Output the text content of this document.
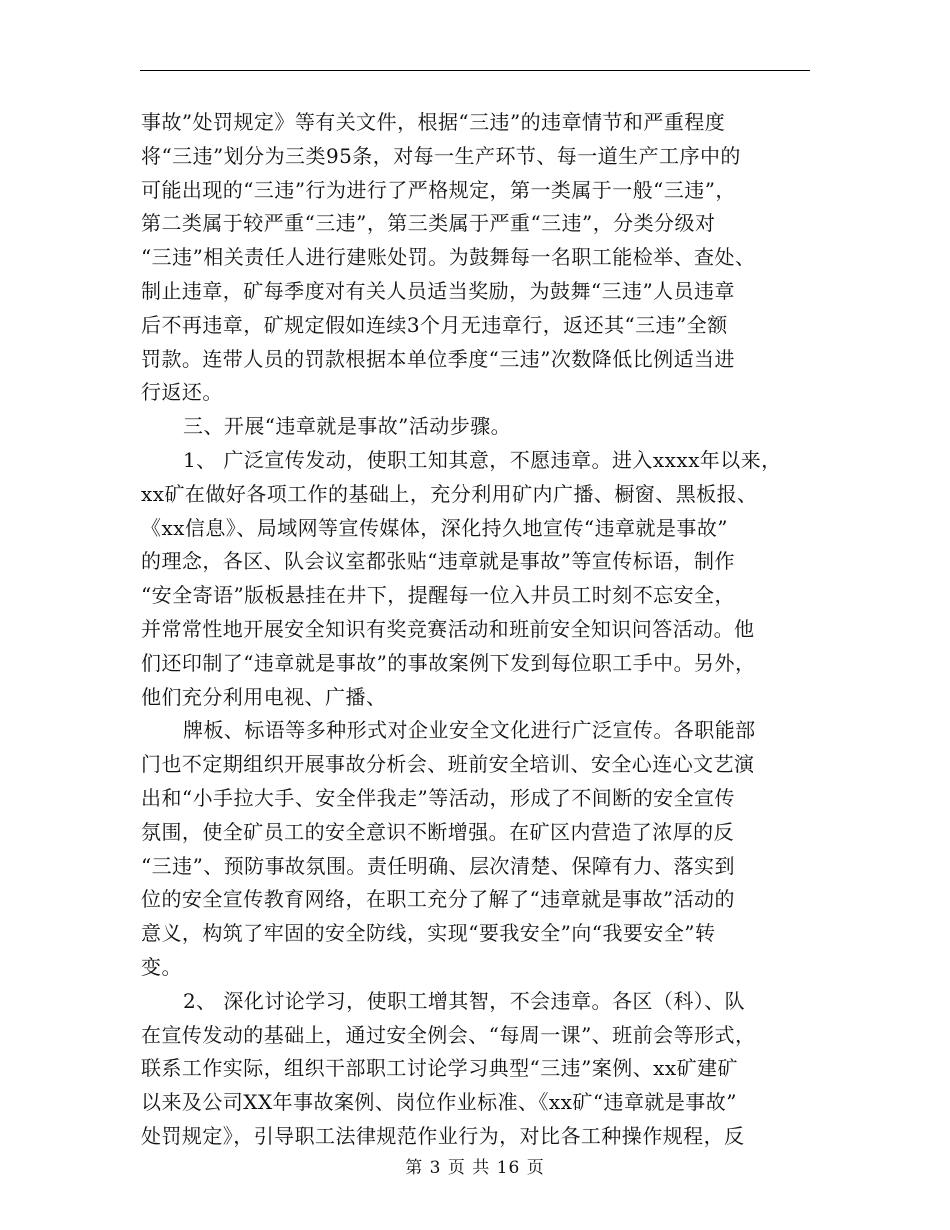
事故”处罚规定》等有关文件，根据“三违”的违章情节和严重程度
将“三违”划分为三类95条，对每一生产环节、每一道生产工序中的
可能出现的“三违”行为进行了严格规定，第一类属于一般“三违”，
第二类属于较严重“三违”，第三类属于严重“三违”，分类分级对
“三违”相关责任人进行建账处罚。为鼓舞每一名职工能检举、查处、
制止违章，矿每季度对有关人员适当奖励，为鼓舞“三违”人员违章
后不再违章，矿规定假如连续3个月无违章行，返还其“三违”全额
罚款。连带人员的罚款根据本单位季度“三违”次数降低比例适当进
行返还。
三、开展“违章就是事故”活动步骤。
1、 广泛宣传发动，使职工知其意，不愿违章。进入xxxx年以来，
xx矿在做好各项工作的基础上，充分利用矿内广播、橱窗、黑板报、
《xx信息》、局域网等宣传媒体，深化持久地宣传“违章就是事故”
的理念，各区、队会议室都张贴“违章就是事故”等宣传标语，制作
“安全寄语”版板悬挂在井下，提醒每一位入井员工时刻不忘安全，
并常常性地开展安全知识有奖竞赛活动和班前安全知识问答活动。他
们还印制了“违章就是事故”的事故案例下发到每位职工手中。另外，
他们充分利用电视、广播、
牌板、标语等多种形式对企业安全文化进行广泛宣传。各职能部
门也不定期组织开展事故分析会、班前安全培训、安全心连心文艺演
出和“小手拉大手、安全伴我走”等活动，形成了不间断的安全宣传
氛围，使全矿员工的安全意识不断增强。在矿区内营造了浓厚的反
“三违”、预防事故氛围。责任明确、层次清楚、保障有力、落实到
位的安全宣传教育网络，在职工充分了解了“违章就是事故”活动的
意义，构筑了牢固的安全防线，实现“要我安全”向“我要安全”转
变。
2、 深化讨论学习，使职工增其智，不会违章。各区（科）、队
在宣传发动的基础上，通过安全例会、“每周一课”、班前会等形式，
联系工作实际，组织干部职工讨论学习典型“三违”案例、xx矿建矿
以来及公司XX年事故案例、岗位作业标准、《xx矿“违章就是事故”
处罚规定》，引导职工法律规范作业行为，对比各工种操作规程，反
第 3 页 共 16 页
